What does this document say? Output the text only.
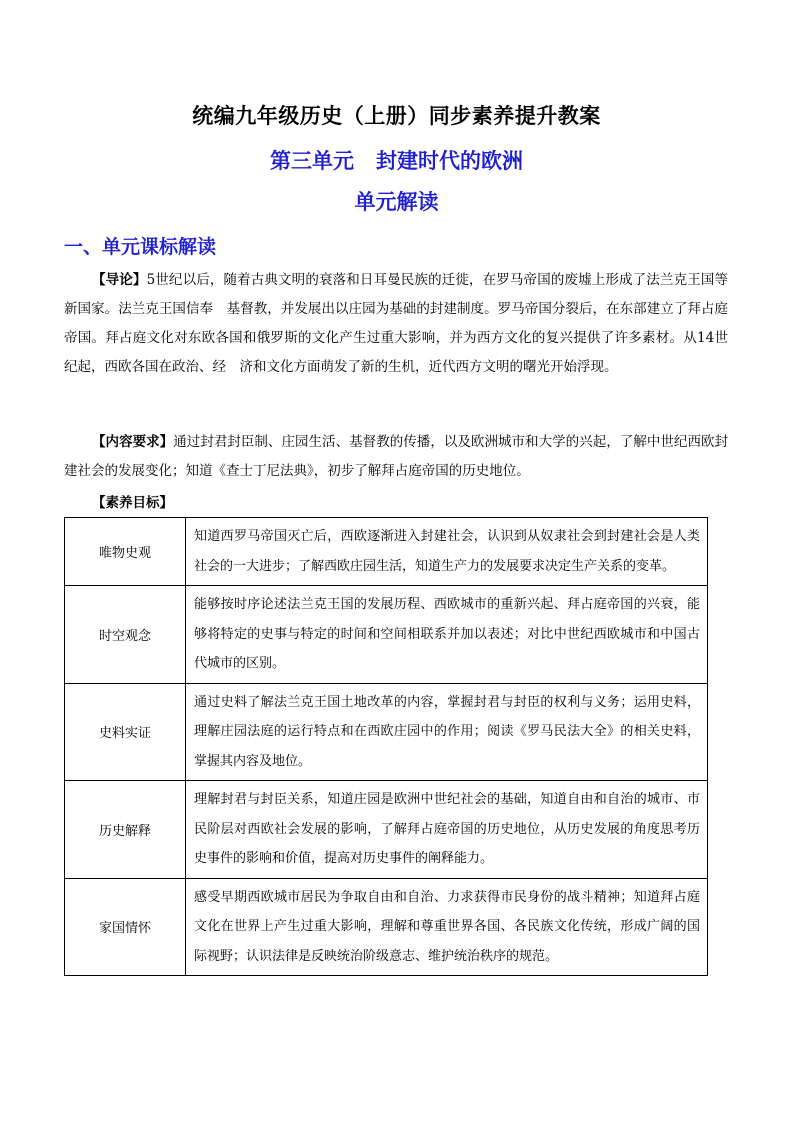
统编九年级历史（上册）同步素养提升教案
第三单元 封建时代的欧洲
单元解读
一、单元课标解读
【导论】5世纪以后，随着古典文明的衰落和日耳曼民族的迁徙，在罗马帝国的废墟上形成了法兰克王国等新国家。法兰克王国信奉　基督教，并发展出以庄园为基础的封建制度。罗马帝国分裂后，在东部建立了拜占庭帝国。拜占庭文化对东欧各国和俄罗斯的文化产生过重大影响，并为西方文化的复兴提供了许多素材。从14世纪起，西欧各国在政治、经　济和文化方面萌发了新的生机，近代西方文明的曙光开始浮现。
【内容要求】通过封君封臣制、庄园生活、基督教的传播，以及欧洲城市和大学的兴起，了解中世纪西欧封建社会的发展变化；知道《查士丁尼法典》，初步了解拜占庭帝国的历史地位。
【素养目标】
唯物史观	知道西罗马帝国灭亡后，西欧逐渐进入封建社会，认识到从奴隶社会到封建社会是人类社会的一大进步；了解西欧庄园生活，知道生产力的发展要求决定生产关系的变革。
时空观念	能够按时序论述法兰克王国的发展历程、西欧城市的重新兴起、拜占庭帝国的兴衰，能够将特定的史事与特定的时间和空间相联系并加以表述；对比中世纪西欧城市和中国古代城市的区别。
史料实证	通过史料了解法兰克王国土地改革的内容，掌握封君与封臣的权利与义务；运用史料，理解庄园法庭的运行特点和在西欧庄园中的作用；阅读《罗马民法大全》的相关史料，掌握其内容及地位。
历史解释	理解封君与封臣关系，知道庄园是欧洲中世纪社会的基础，知道自由和自治的城市、市民阶层对西欧社会发展的影响，了解拜占庭帝国的历史地位，从历史发展的角度思考历史事件的影响和价值，提高对历史事件的阐释能力。
家国情怀	感受早期西欧城市居民为争取自由和自治、力求获得市民身份的战斗精神；知道拜占庭文化在世界上产生过重大影响，理解和尊重世界各国、各民族文化传统，形成广阔的国际视野；认识法律是反映统治阶级意志、维护统治秩序的规范。
